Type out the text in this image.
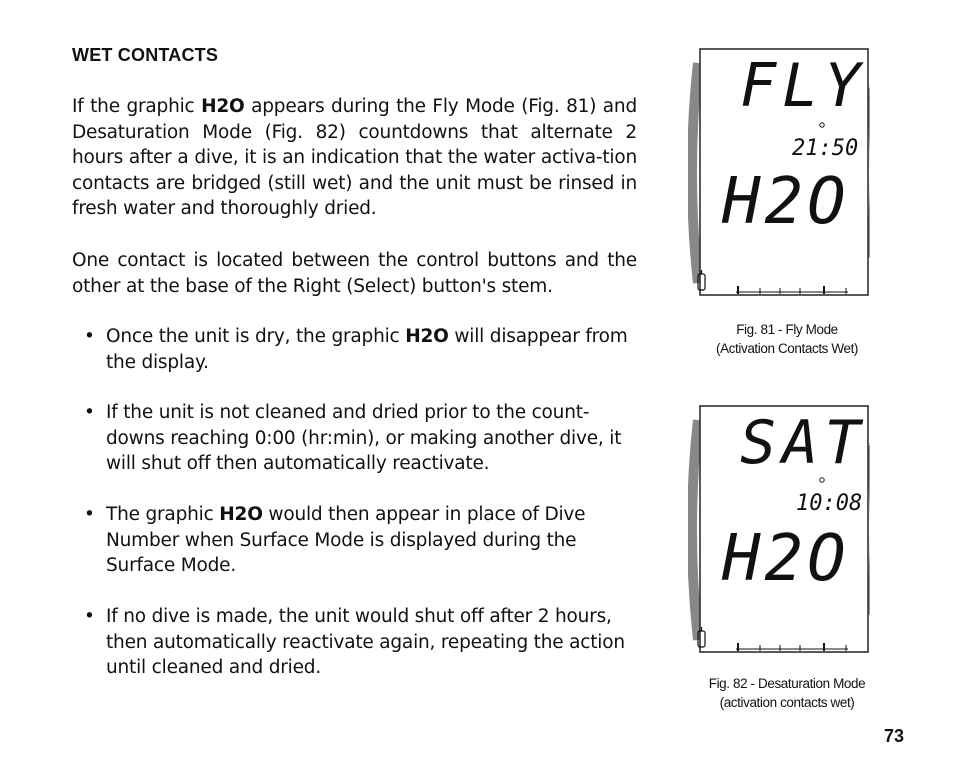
WET CONTACTS
If the graphic H2O appears during the Fly Mode (Fig. 81) and Desaturation Mode (Fig. 82) countdowns that alternate 2 hours after a dive, it is an indication that the water activa-tion contacts are bridged (still wet) and the unit must be rinsed in fresh water and thoroughly dried.
One contact is located between the control buttons and the other at the base of the Right (Select) button's stem.
• Once the unit is dry, the graphic H2O will disappear from the display.
• If the unit is not cleaned and dried prior to the count-downs reaching 0:00 (hr:min), or making another dive, it will shut off then automatically reactivate.
• The graphic H2O would then appear in place of Dive Number when Surface Mode is displayed during the Surface Mode.
• If no dive is made, the unit would shut off after 2 hours, then automatically reactivate again, repeating the action until cleaned and dried.
FLY
21:50
H2O
Fig. 81 - Fly Mode
(Activation Contacts Wet)
SAT
10:08
H2O
Fig. 82 - Desaturation Mode
(activation contacts wet)
73
